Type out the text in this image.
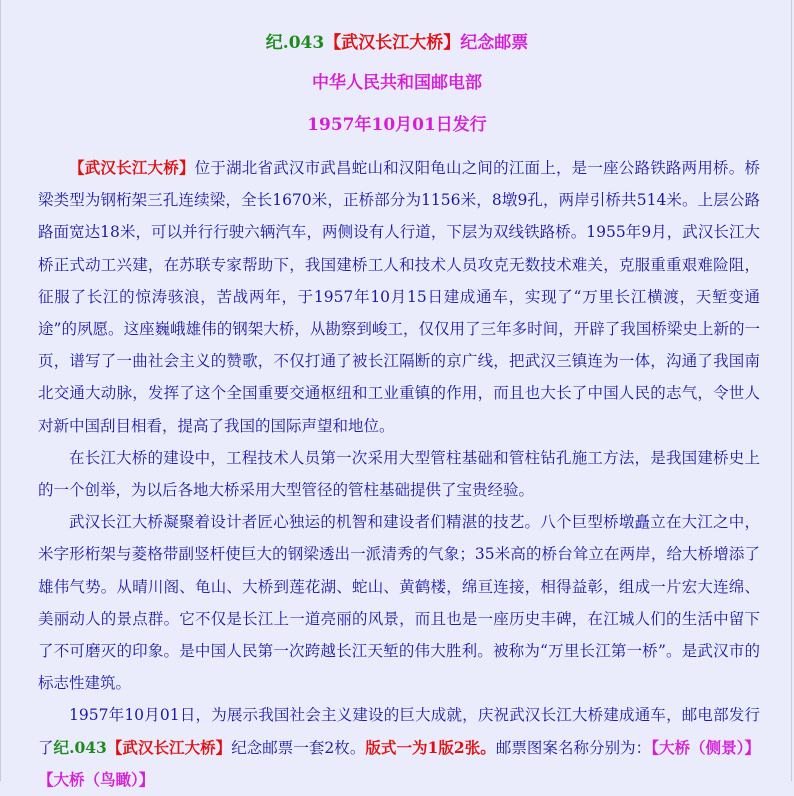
纪.043【武汉长江大桥】纪念邮票
中华人民共和国邮电部
1957年10月01日发行

【武汉长江大桥】位于湖北省武汉市武昌蛇山和汉阳龟山之间的江面上，是一座公路铁路两用桥。桥梁类型为钢桁架三孔连续梁，全长1670米，正桥部分为1156米，8墩9孔，两岸引桥共514米。上层公路路面宽达18米，可以并行行驶六辆汽车，两侧设有人行道，下层为双线铁路桥。1955年9月，武汉长江大桥正式动工兴建，在苏联专家帮助下，我国建桥工人和技术人员攻克无数技术难关，克服重重艰难险阻，征服了长江的惊涛骇浪，苦战两年，于1957年10月15日建成通车，实现了“万里长江横渡，天堑变通途”的夙愿。这座巍峨雄伟的钢架大桥，从勘察到峻工，仅仅用了三年多时间，开辟了我国桥梁史上新的一页，谱写了一曲社会主义的赞歌，不仅打通了被长江隔断的京广线，把武汉三镇连为一体，沟通了我国南北交通大动脉，发挥了这个全国重要交通枢纽和工业重镇的作用，而且也大长了中国人民的志气，令世人对新中国刮目相看，提高了我国的国际声望和地位。

在长江大桥的建设中，工程技术人员第一次采用大型管柱基础和管柱钻孔施工方法，是我国建桥史上的一个创举，为以后各地大桥采用大型管径的管柱基础提供了宝贵经验。

武汉长江大桥凝聚着设计者匠心独运的机智和建设者们精湛的技艺。八个巨型桥墩矗立在大江之中，米字形桁架与菱格带副竖杆使巨大的钢梁透出一派清秀的气象；35米高的桥台耸立在两岸，给大桥增添了雄伟气势。从晴川阁、龟山、大桥到莲花湖、蛇山、黄鹤楼，绵亘连接，相得益彰，组成一片宏大连绵、美丽动人的景点群。它不仅是长江上一道亮丽的风景，而且也是一座历史丰碑，在江城人们的生活中留下了不可磨灭的印象。是中国人民第一次跨越长江天堑的伟大胜利。被称为“万里长江第一桥”。是武汉市的标志性建筑。

1957年10月01日，为展示我国社会主义建设的巨大成就，庆祝武汉长江大桥建成通车，邮电部发行了纪.043【武汉长江大桥】纪念邮票一套2枚。版式一为1版2张。邮票图案名称分别为：【大桥（侧景）】【大桥（鸟瞰）】
